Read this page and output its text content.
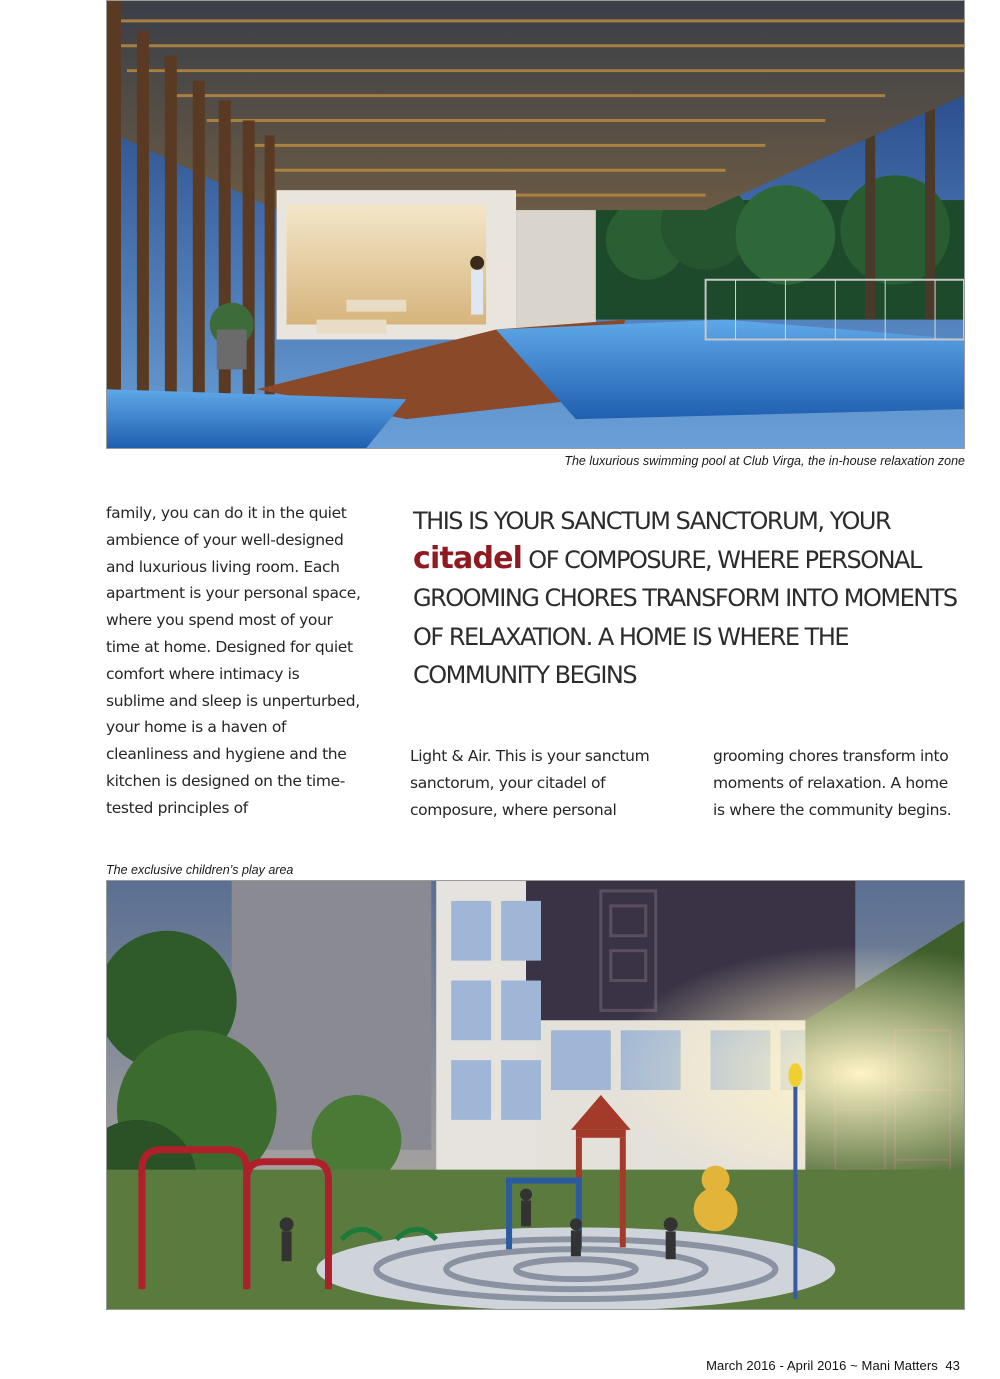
The luxurious swimming pool at Club Virga, the in-house relaxation zone

family, you can do it in the quiet ambience of your well-designed and luxurious living room. Each apartment is your personal space, where you spend most of your time at home. Designed for quiet comfort where intimacy is sublime and sleep is unperturbed, your home is a haven of cleanliness and hygiene and the kitchen is designed on the time-tested principles of

THIS IS YOUR SANCTUM SANCTORUM, YOUR citadel OF COMPOSURE, WHERE PERSONAL GROOMING CHORES TRANSFORM INTO MOMENTS OF RELAXATION. A HOME IS WHERE THE COMMUNITY BEGINS

Light & Air. This is your sanctum sanctorum, your citadel of composure, where personal

grooming chores transform into moments of relaxation. A home is where the community begins.

The exclusive children’s play area

March 2016 - April 2016 ~ Mani Matters 43
